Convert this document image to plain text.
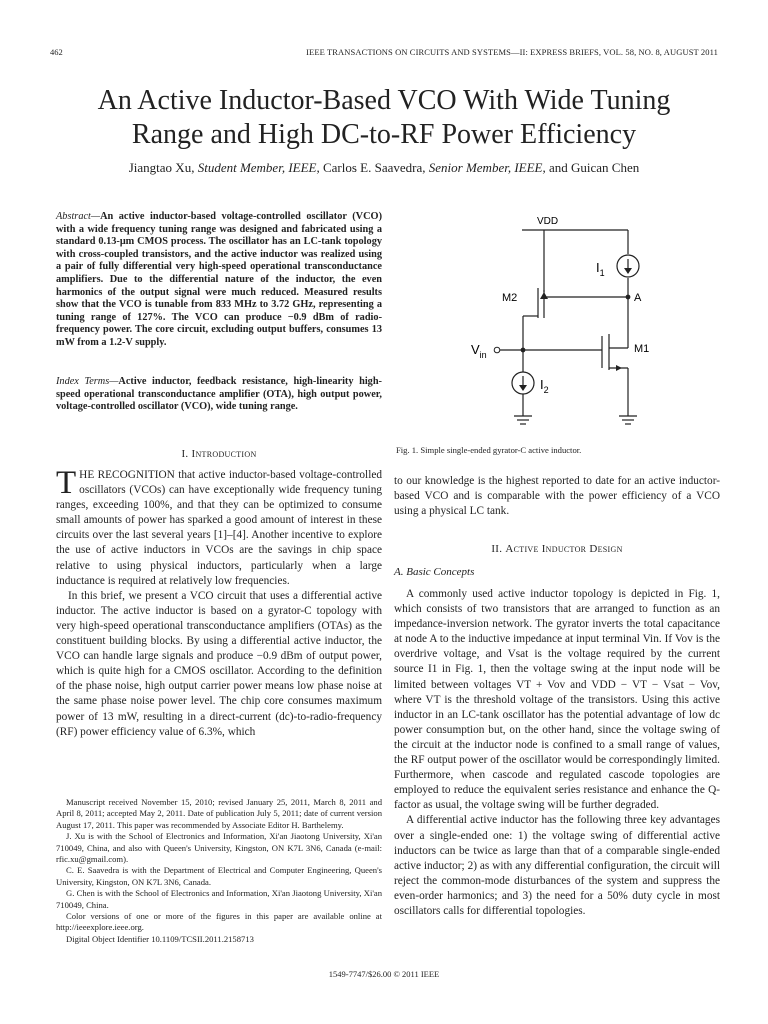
462	IEEE TRANSACTIONS ON CIRCUITS AND SYSTEMS—II: EXPRESS BRIEFS, VOL. 58, NO. 8, AUGUST 2011
An Active Inductor-Based VCO With Wide Tuning
Range and High DC-to-RF Power Efficiency
Jiangtao Xu, Student Member, IEEE, Carlos E. Saavedra, Senior Member, IEEE, and Guican Chen

Abstract—An active inductor-based voltage-controlled oscillator (VCO) with a wide frequency tuning range was designed and fabricated using a standard 0.13-μm CMOS process. The oscillator has an LC-tank topology with cross-coupled transistors, and the active inductor was realized using a pair of fully differential very high-speed operational transconductance amplifiers. Due to the differential nature of the inductor, the even harmonics of the output signal were much reduced. Measured results show that the VCO is tunable from 833 MHz to 3.72 GHz, representing a tuning range of 127%. The VCO can produce −0.9 dBm of radio-frequency power. The core circuit, excluding output buffers, consumes 13 mW from a 1.2-V supply.

Index Terms—Active inductor, feedback resistance, high-linearity high-speed operational transconductance amplifier (OTA), high output power, voltage-controlled oscillator (VCO), wide tuning range.

I. Introduction

THE RECOGNITION that active inductor-based voltage-controlled oscillators (VCOs) can have exceptionally wide frequency tuning ranges, exceeding 100%, and that they can be optimized to consume small amounts of power has sparked a good amount of interest in these circuits over the last several years [1]–[4]. Another incentive to explore the use of active inductors in VCOs are the savings in chip space relative to using physical inductors, particularly when a large inductance is required at relatively low frequencies.

In this brief, we present a VCO circuit that uses a differential active inductor. The active inductor is based on a gyrator-C topology with very high-speed operational transconductance amplifiers (OTAs) as the constituent building blocks. By using a differential active inductor, the VCO can handle large signals and produce −0.9 dBm of output power, which is quite high for a CMOS oscillator. According to the definition of the phase noise, high output carrier power means low phase noise at the same phase noise power level. The chip core consumes maximum power of 13 mW, resulting in a direct-current (dc)-to-radio-frequency (RF) power efficiency value of 6.3%, which

Manuscript received November 15, 2010; revised January 25, 2011, March 8, 2011 and April 8, 2011; accepted May 2, 2011. Date of publication July 5, 2011; date of current version August 17, 2011. This paper was recommended by Associate Editor H. Barthelemy.

J. Xu is with the School of Electronics and Information, Xi'an Jiaotong University, Xi'an 710049, China, and also with Queen's University, Kingston, ON K7L 3N6, Canada (e-mail: rfic.xu@gmail.com).

C. E. Saavedra is with the Department of Electrical and Computer Engineering, Queen's University, Kingston, ON K7L 3N6, Canada.

G. Chen is with the School of Electronics and Information, Xi'an Jiaotong University, Xi'an 710049, China.

Color versions of one or more of the figures in this paper are available online at http://ieeexplore.ieee.org.

Digital Object Identifier 10.1109/TCSII.2011.2158713

VDD
$I_1$
A
M2
M1
$V_{in}$
$I_2$
Fig. 1. Simple single-ended gyrator-C active inductor.

to our knowledge is the highest reported to date for an active inductor-based VCO and is comparable with the power efficiency of a VCO using a physical LC tank.

II. Active Inductor Design
A. Basic Concepts

A commonly used active inductor topology is depicted in Fig. 1, which consists of two transistors that are arranged to function as an impedance-inversion network. The gyrator inverts the total capacitance at node A to the inductive impedance at input terminal Vin. If Vov is the overdrive voltage, and Vsat is the voltage required by the current source I1 in Fig. 1, then the voltage swing at the input node will be limited between voltages VT + Vov and VDD − VT − Vsat − Vov, where VT is the threshold voltage of the transistors. Using this active inductor in an LC-tank oscillator has the potential advantage of low dc power consumption but, on the other hand, since the voltage swing of the circuit at the inductor node is confined to a small range of values, the RF output power of the oscillator would be correspondingly limited. Furthermore, when cascode and regulated cascode topologies are employed to reduce the equivalent series resistance and enhance the Q-factor as usual, the voltage swing will be further degraded.

A differential active inductor has the following three key advantages over a single-ended one: 1) the voltage swing of differential active inductors can be twice as large than that of a comparable single-ended active inductor; 2) as with any differential configuration, the circuit will reject the common-mode disturbances of the system and suppress the even-order harmonics; and 3) the need for a 50% duty cycle in most oscillators calls for differential topologies.

1549-7747/$26.00 © 2011 IEEE
